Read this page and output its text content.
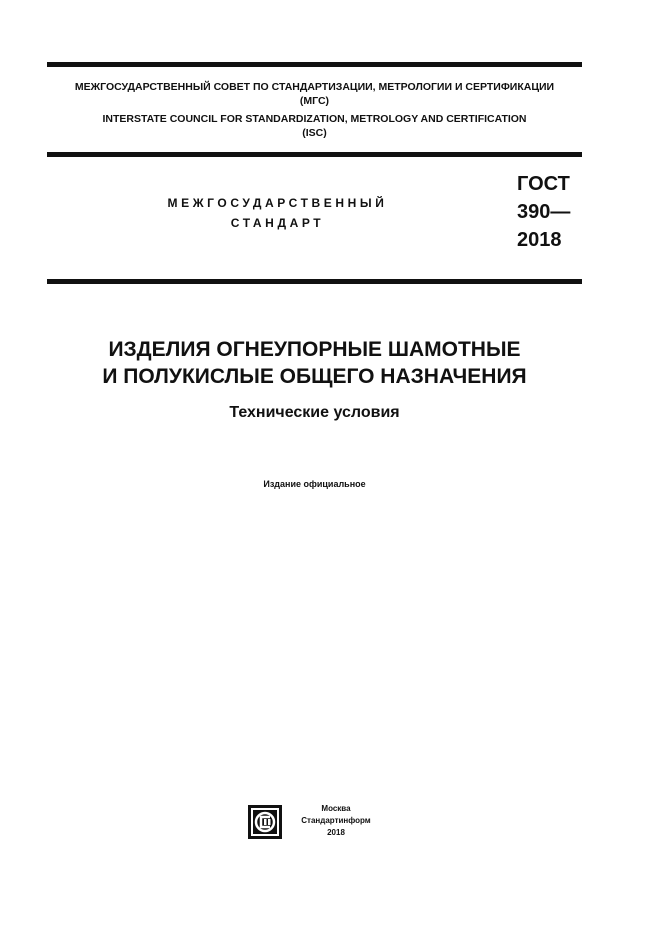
МЕЖГОСУДАРСТВЕННЫЙ СОВЕТ ПО СТАНДАРТИЗАЦИИ, МЕТРОЛОГИИ И СЕРТИФИКАЦИИ
(МГС)
INTERSTATE COUNCIL FOR STANDARDIZATION, METROLOGY AND CERTIFICATION
(ISC)
МЕЖГОСУДАРСТВЕННЫЙ
СТАНДАРТ
ГОСТ
390—
2018
ИЗДЕЛИЯ ОГНЕУПОРНЫЕ ШАМОТНЫЕ
И ПОЛУКИСЛЫЕ ОБЩЕГО НАЗНАЧЕНИЯ
Технические условия
Издание официальное
Москва
Стандартинформ
2018
